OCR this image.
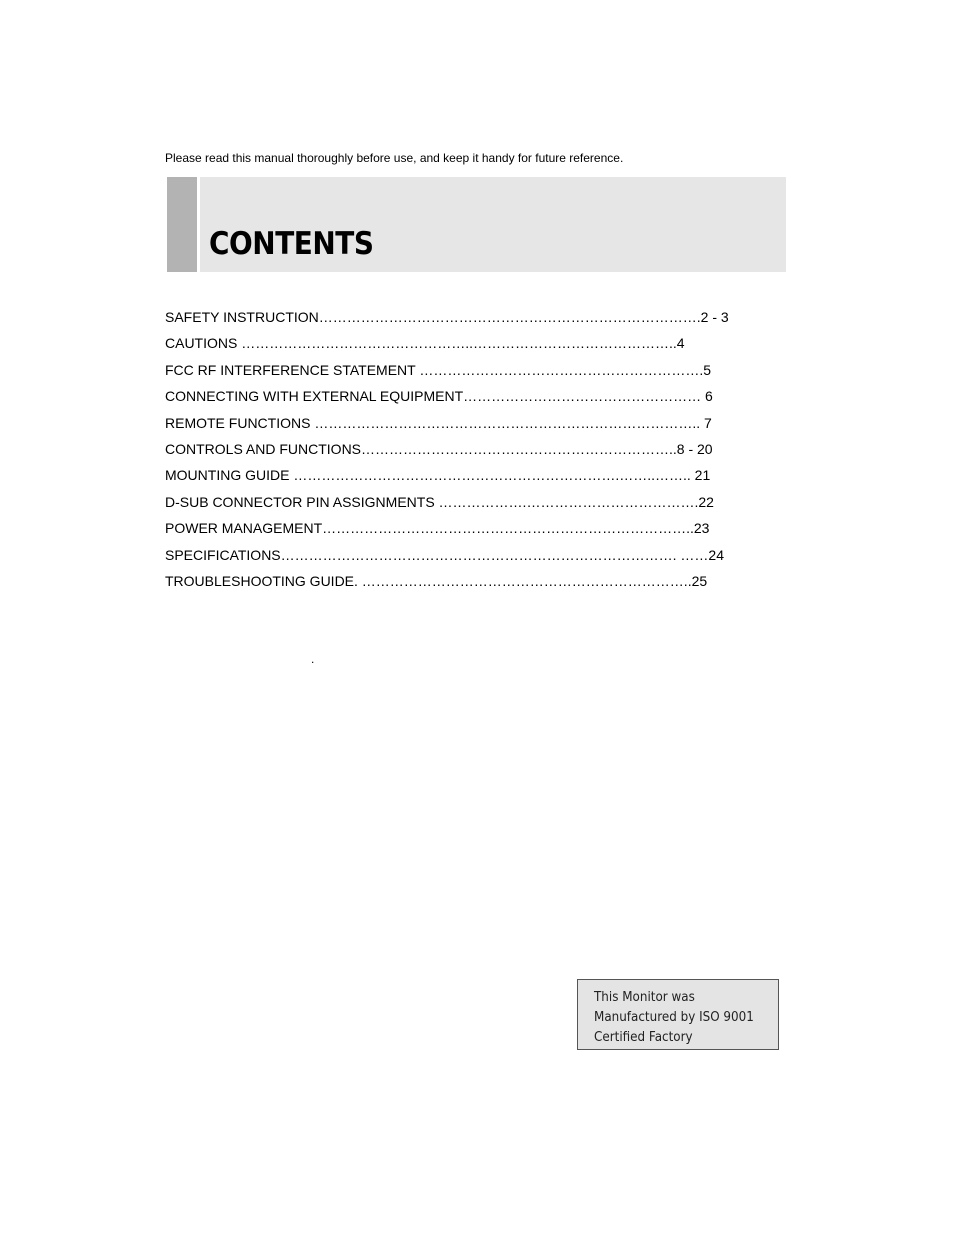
Please read this manual thoroughly before use, and keep it handy for future reference.
CONTENTS
SAFETY INSTRUCTION……………………………………………………………………….2 - 3
CAUTIONS …………………………………………..……………………………………..4
FCC RF INTERFERENCE STATEMENT …………………………………………………….5
CONNECTING WITH EXTERNAL EQUIPMENT…………………………………………… 6
REMOTE FUNCTIONS ……………………………………………………………………….. 7
CONTROLS AND FUNCTIONS…………………………………………………………..8 - 20
MOUNTING GUIDE …………………………………………………………….……..…….. 21
D-SUB CONNECTOR PIN ASSIGNMENTS ……………….……………………………….22
POWER MANAGEMENT……………………………………………………………………..23
SPECIFICATIONS…………………………………………………………………………. ……24
TROUBLESHOOTING GUIDE. ……………………………………………………………..25
.
This Monitor was
Manufactured by ISO 9001
Certified Factory
